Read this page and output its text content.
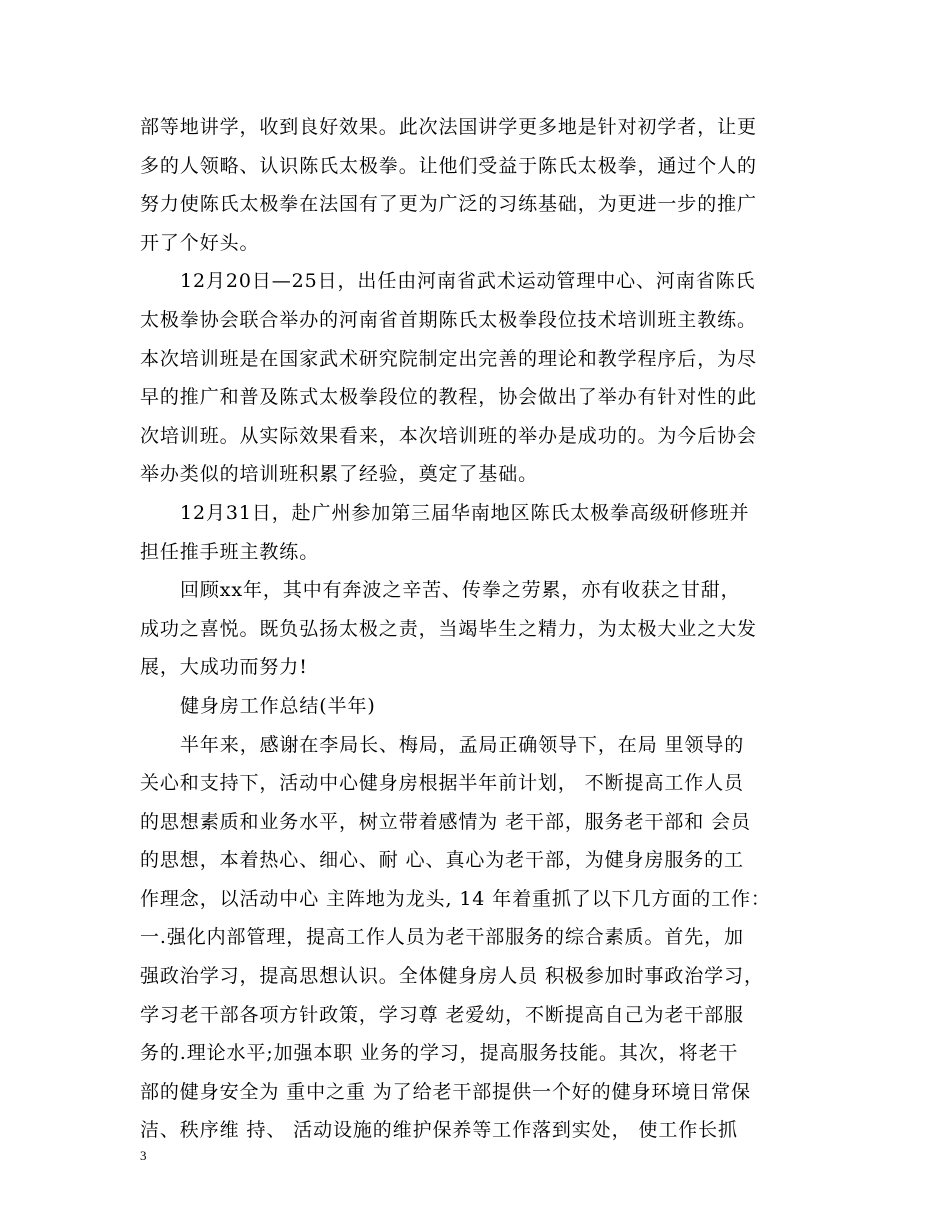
部等地讲学，收到良好效果。此次法国讲学更多地是针对初学者，让更
多的人领略、认识陈氏太极拳。让他们受益于陈氏太极拳，通过个人的
努力使陈氏太极拳在法国有了更为广泛的习练基础，为更进一步的推广
开了个好头。
12月20日—25日，出任由河南省武术运动管理中心、河南省陈氏
太极拳协会联合举办的河南省首期陈氏太极拳段位技术培训班主教练。
本次培训班是在国家武术研究院制定出完善的理论和教学程序后，为尽
早的推广和普及陈式太极拳段位的教程，协会做出了举办有针对性的此
次培训班。从实际效果看来，本次培训班的举办是成功的。为今后协会
举办类似的培训班积累了经验，奠定了基础。
12月31日，赴广州参加第三届华南地区陈氏太极拳高级研修班并
担任推手班主教练。
回顾xx年，其中有奔波之辛苦、传拳之劳累，亦有收获之甘甜，
成功之喜悦。既负弘扬太极之责，当竭毕生之精力，为太极大业之大发
展，大成功而努力!
健身房工作总结(半年)
半年来，感谢在李局长、梅局，孟局正确领导下，在局 里领导的
关心和支持下，活动中心健身房根据半年前计划， 不断提高工作人员
的思想素质和业务水平，树立带着感情为 老干部，服务老干部和 会员
的思想，本着热心、细心、耐 心、真心为老干部，为健身房服务的工
作理念，以活动中心 主阵地为龙头, 14 年着重抓了以下几方面的工作：
一.强化内部管理，提高工作人员为老干部服务的综合素质。首先，加
强政治学习，提高思想认识。全体健身房人员 积极参加时事政治学习，
学习老干部各项方针政策，学习尊 老爱幼，不断提高自己为老干部服
务的.理论水平;加强本职 业务的学习，提高服务技能。其次，将老干
部的健身安全为 重中之重 为了给老干部提供一个好的健身环境日常保
洁、秩序维 持、 活动设施的维护保养等工作落到实处， 使工作长抓
3
